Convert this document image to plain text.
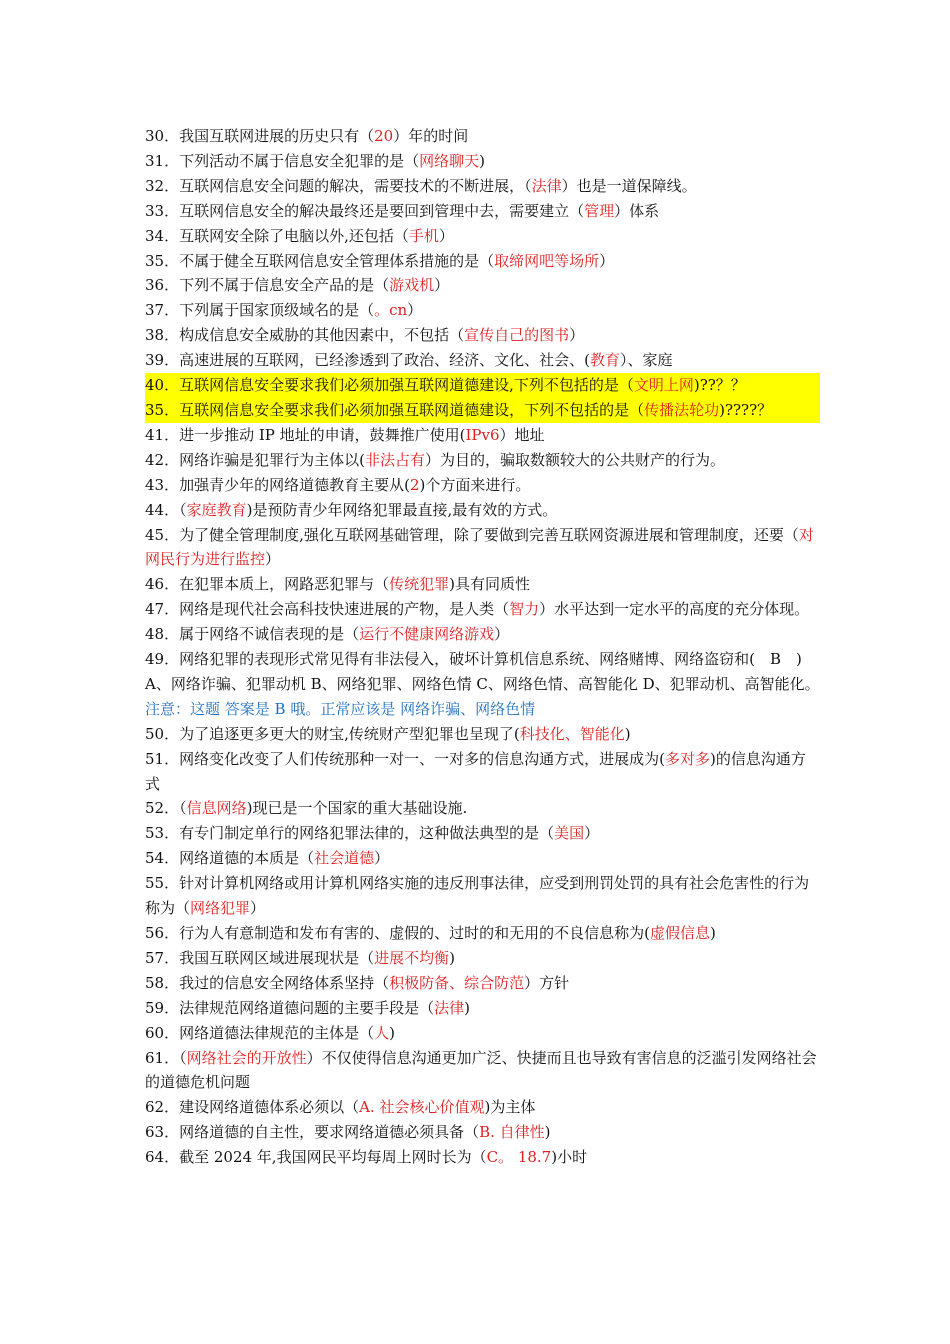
30．我国互联网进展的历史只有（20）年的时间

31．下列活动不属于信息安全犯罪的是（网络聊天)

32．互联网信息安全问题的解决，需要技术的不断进展，（法律）也是一道保障线。

33．互联网信息安全的解决最终还是要回到管理中去，需要建立（管理）体系

34．互联网安全除了电脑以外,还包括（手机）

35．不属于健全互联网信息安全管理体系措施的是（取缔网吧等场所）

36．下列不属于信息安全产品的是（游戏机）

37．下列属于国家顶级域名的是（。cn）

38．构成信息安全威胁的其他因素中，不包括（宣传自己的图书）

39．高速进展的互联网，已经渗透到了政治、经济、文化、社会、(教育）、家庭

40．互联网信息安全要求我们必须加强互联网道德建设,下列不包括的是（文明上网)??？？

35．互联网信息安全要求我们必须加强互联网道德建设，下列不包括的是（传播法轮功)????？

41．进一步推动 IP 地址的申请，鼓舞推广使用(IPv6）地址

42．网络诈骗是犯罪行为主体以(非法占有）为目的，骗取数额较大的公共财产的行为。

43．加强青少年的网络道德教育主要从(2)个方面来进行。

44．（家庭教育)是预防青少年网络犯罪最直接,最有效的方式。

45．为了健全管理制度,强化互联网基础管理，除了要做到完善互联网资源进展和管理制度，还要（对网民行为进行监控）

46．在犯罪本质上，网路恶犯罪与（传统犯罪)具有同质性

47．网络是现代社会高科技快速进展的产物，是人类（智力）水平达到一定水平的高度的充分体现。

48．属于网络不诚信表现的是（运行不健康网络游戏）

49．网络犯罪的表现形式常见得有非法侵入，破坏计算机信息系统、网络赌博、网络盗窃和(　B　) A、网络诈骗、犯罪动机 B、网络犯罪、网络色情 C、网络色情、高智能化 D、犯罪动机、高智能化。注意：这题 答案是 B 哦。正常应该是 网络诈骗、网络色情

50．为了追逐更多更大的财宝,传统财产型犯罪也呈现了(科技化、智能化)

51．网络变化改变了人们传统那种一对一、一对多的信息沟通方式，进展成为(多对多)的信息沟通方式

52．（信息网络)现已是一个国家的重大基础设施.

53．有专门制定单行的网络犯罪法律的，这种做法典型的是（美国）

54．网络道德的本质是（社会道德）

55．针对计算机网络或用计算机网络实施的违反刑事法律，应受到刑罚处罚的具有社会危害性的行为称为（网络犯罪）

56．行为人有意制造和发布有害的、虚假的、过时的和无用的不良信息称为(虚假信息)

57．我国互联网区域进展现状是（进展不均衡)

58．我过的信息安全网络体系坚持（积极防备、综合防范）方针

59．法律规范网络道德问题的主要手段是（法律)

60．网络道德法律规范的主体是（人)

61．（网络社会的开放性）不仅使得信息沟通更加广泛、快捷而且也导致有害信息的泛滥引发网络社会的道德危机问题

62．建设网络道德体系必须以（A. 社会核心价值观)为主体

63．网络道德的自主性，要求网络道德必须具备（B. 自律性)

64．截至 2024 年,我国网民平均每周上网时长为（C。 18.7)小时
